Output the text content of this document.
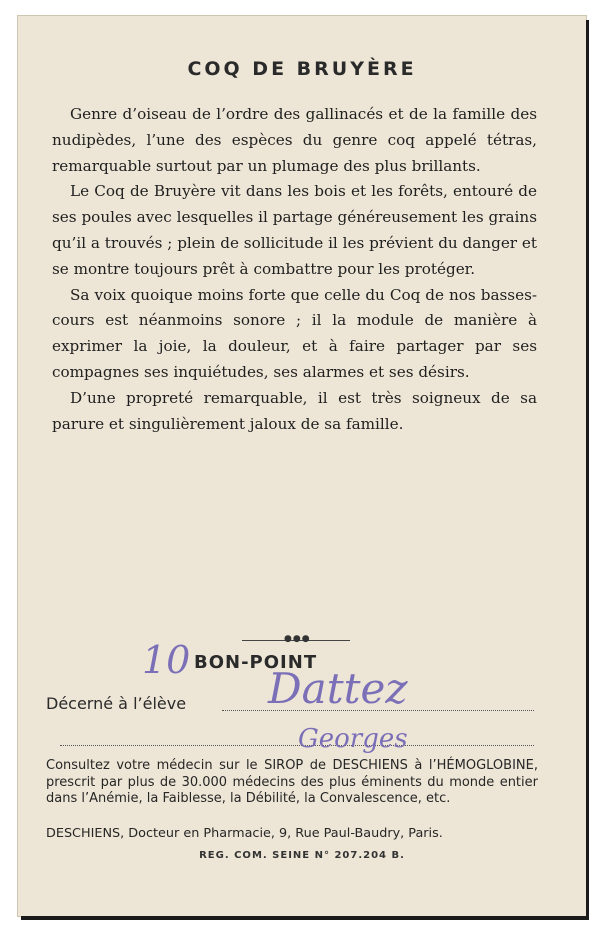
COQ DE BRUYÈRE

Genre d’oiseau de l’ordre des gallinacés et de la famille des nudipèdes, l’une des espèces du genre coq appelé tétras, remarquable surtout par un plumage des plus brillants.

Le Coq de Bruyère vit dans les bois et les forêts, entouré de ses poules avec lesquelles il partage généreusement les grains qu’il a trouvés ; plein de sollicitude il les prévient du danger et se montre toujours prêt à combattre pour les protéger.

Sa voix quoique moins forte que celle du Coq de nos basses-cours est néanmoins sonore ; il la module de manière à exprimer la joie, la douleur, et à faire partager par ses compagnes ses inquiétudes, ses alarmes et ses désirs.

D’une propreté remarquable, il est très soigneux de sa parure et singulièrement jaloux de sa famille.

●●●
BON-POINT
Décerné à l’élève
10
Dattez
Georges

Consultez votre médecin sur le SIROP de DESCHIENS à l’HÉMOGLOBINE, prescrit par plus de 30.000 médecins des plus éminents du monde entier dans l’Anémie, la Faiblesse, la Débilité, la Convalescence, etc.

DESCHIENS, Docteur en Pharmacie, 9, Rue Paul-Baudry, Paris.
REG. COM. SEINE N° 207.204 B.
